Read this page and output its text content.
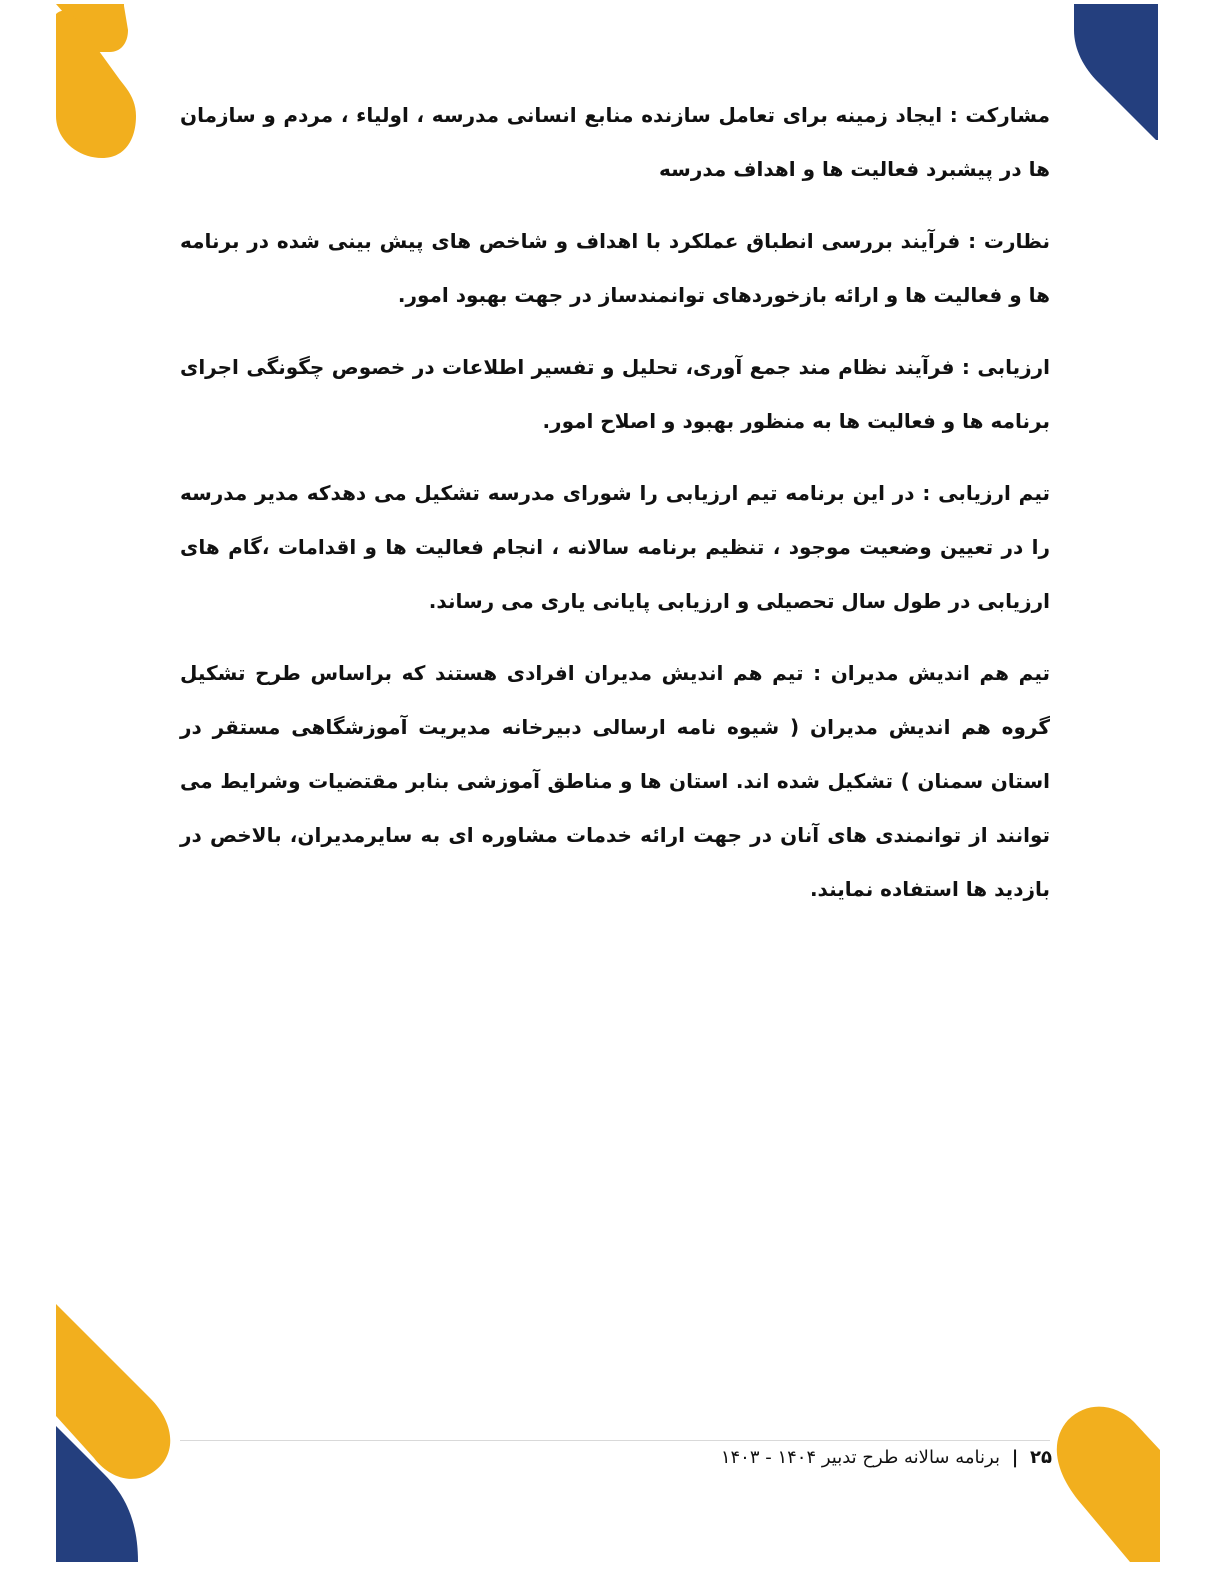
مشارکت : ایجاد زمینه برای تعامل سازنده منابع انسانی مدرسه ، اولیاء ، مردم و سازمان ها در پیشبرد فعالیت ها و اهداف مدرسه

نظارت : فرآیند بررسی انطباق عملکرد با اهداف و شاخص های پیش بینی شده در برنامه ها و فعالیت ها و ارائه بازخوردهای توانمندساز در جهت بهبود امور.

ارزیابی : فرآیند نظام مند جمع آوری، تحلیل و تفسیر اطلاعات در خصوص چگونگی اجرای برنامه ها و فعالیت ها به منظور بهبود و اصلاح امور.

تیم ارزیابی : در این برنامه تیم ارزیابی را شورای مدرسه تشکیل می دهدکه مدیر مدرسه را در تعیین وضعیت موجود ، تنظیم برنامه سالانه ، انجام فعالیت ها و اقدامات ،گام های ارزیابی در طول سال تحصیلی و ارزیابی پایانی یاری می رساند.

تیم هم اندیش مدیران : تیم هم اندیش مدیران افرادی هستند که براساس طرح تشکیل گروه هم اندیش مدیران ( شیوه نامه ارسالی دبیرخانه مدیریت آموزشگاهی مستقر در استان سمنان ) تشکیل شده اند. استان ها و مناطق آموزشی بنابر مقتضیات وشرایط می توانند از توانمندی های آنان در جهت ارائه خدمات مشاوره ای به سایرمدیران، بالاخص در بازدید ها استفاده نمایند.

۲۵ | برنامه سالانه طرح تدبیر ۱۴۰۴ - ۱۴۰۳
